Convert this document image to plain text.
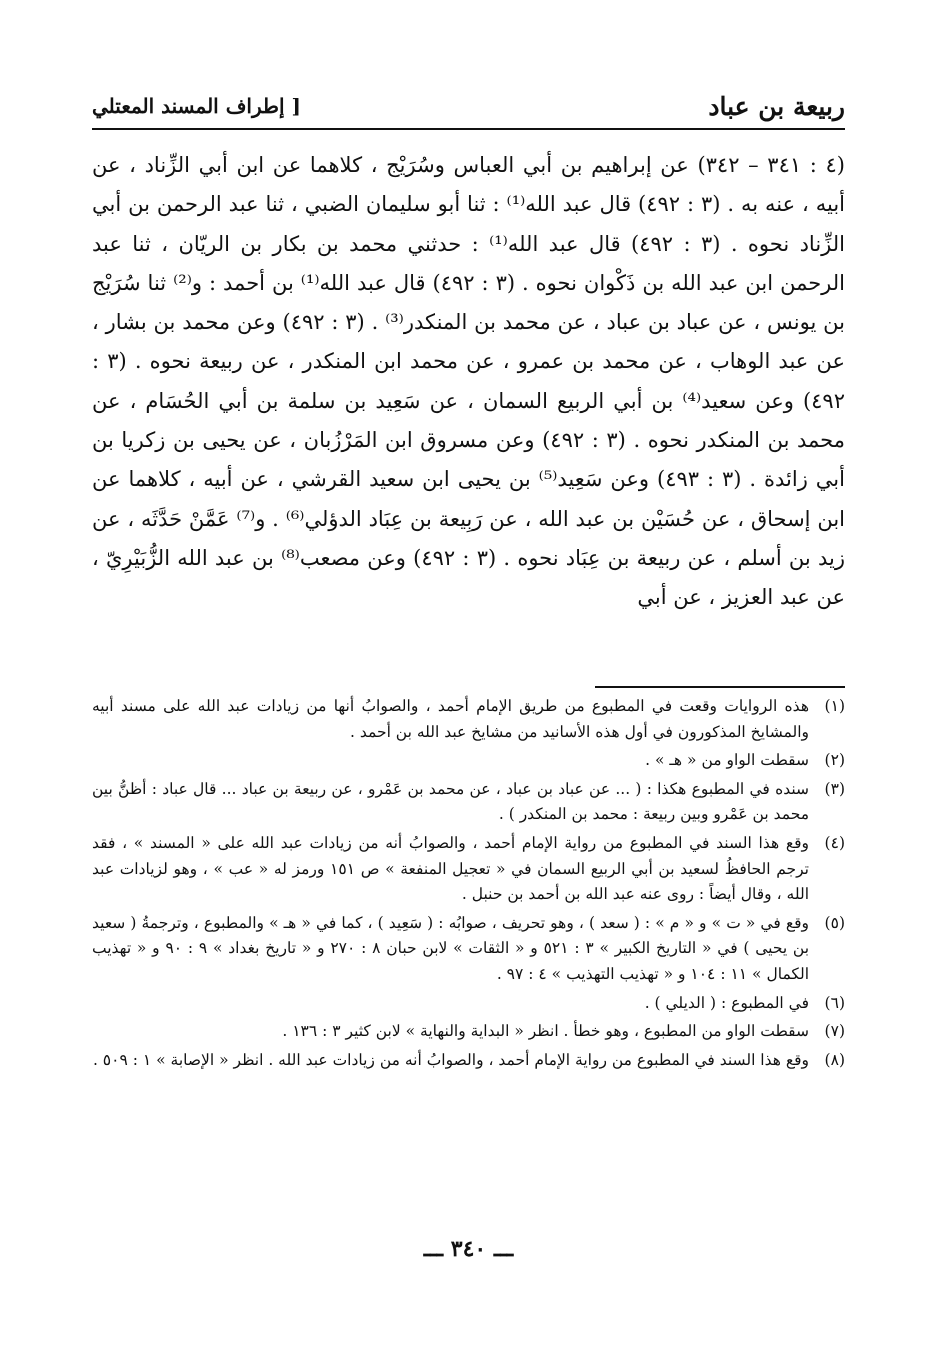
ربيعة بن عباد
[ إطراف المسند المعتلي

(٤ : ٣٤١ – ٣٤٢) عن إبراهيم بن أبي العباس وسُرَيْج ، كلاهما عن ابن أبي الزِّناد ، عن أبيه ، عنه به . (٣ : ٤٩٢) قال عبد الله⁽¹⁾ : ثنا أبو سليمان الضبي ، ثنا عبد الرحمن بن أبي الزِّناد نحوه . (٣ : ٤٩٢) قال عبد الله⁽¹⁾ : حدثني محمد بن بكار بن الريّان ، ثنا عبد الرحمن ابن عبد الله بن ذَكْوان نحوه . (٣ : ٤٩٢) قال عبد الله⁽¹⁾ بن أحمد : و⁽²⁾ ثنا سُرَيْج بن يونس ، عن عباد بن عباد ، عن محمد بن المنكدر⁽³⁾ . (٣ : ٤٩٢) وعن محمد بن بشار ، عن عبد الوهاب ، عن محمد بن عمرو ، عن محمد ابن المنكدر ، عن ربيعة نحوه . (٣ : ٤٩٢) وعن سعيد⁽⁴⁾ بن أبي الربيع السمان ، عن سَعِيد بن سلمة بن أبي الحُسَام ، عن محمد بن المنكدر نحوه . (٣ : ٤٩٢) وعن مسروق ابن المَرْزُبان ، عن يحيى بن زكريا بن أبي زائدة . (٣ : ٤٩٣) وعن سَعِيد⁽⁵⁾ بن يحيى ابن سعيد القرشي ، عن أبيه ، كلاهما عن ابن إسحاق ، عن حُسَيْن بن عبد الله ، عن رَبِيعة بن عِبَاد الدؤلي⁽⁶⁾ . و⁽⁷⁾ عَمَّنْ حَدَّثَه ، عن زيد بن أسلم ، عن ربيعة بن عِبَاد نحوه . (٣ : ٤٩٢) وعن مصعب⁽⁸⁾ بن عبد الله الزُّبَيْرِيّ ، عن عبد العزيز ، عن أبي

(١)
هذه الروايات وقعت في المطبوع من طريق الإمام أحمد ، والصوابُ أنها من زيادات عبد الله على مسند أبيه والمشايخ المذكورون في أول هذه الأسانيد من مشايخ عبد الله بن أحمد .
(٢)
سقطت الواو من « هـ » .
(٣)
سنده في المطبوع هكذا : ( ... عن عباد بن عباد ، عن محمد بن عَمْرو ، عن ربيعة بن عباد ... قال عباد : أظنُّ بين محمد بن عَمْرو وبين ربيعة : محمد بن المنكدر ) .
(٤)
وقع هذا السند في المطبوع من رواية الإمام أحمد ، والصوابُ أنه من زيادات عبد الله على « المسند » ، فقد ترجم الحافظُ لسعيد بن أبي الربيع السمان في « تعجيل المنفعة » ص ١٥١ ورمز له « عب » ، وهو لزيادات عبد الله ، وقال أيضاً : روى عنه عبد الله بن أحمد بن حنبل .
(٥)
وقع في « ت » و « م » : ( سعد ) ، وهو تحريف ، صوابُه : ( سَعِيد ) ، كما في « هـ » والمطبوع ، وترجمةُ ( سعيد بن يحيى ) في « التاريخ الكبير » ٣ : ٥٢١ و « الثقات » لابن حبان ٨ : ٢٧٠ و « تاريخ بغداد » ٩ : ٩٠ و « تهذيب الكمال » ١١ : ١٠٤ و « تهذيب التهذيب » ٤ : ٩٧ .
(٦)
في المطبوع : ( الديلي ) .
(٧)
سقطت الواو من المطبوع ، وهو خطأ . انظر « البداية والنهاية » لابن كثير ٣ : ١٣٦ .
(٨)
وقع هذا السند في المطبوع من رواية الإمام أحمد ، والصوابُ أنه من زيادات عبد الله . انظر « الإصابة » ١ : ٥٠٩ .
ـــ ٣٤٠ ـــ
